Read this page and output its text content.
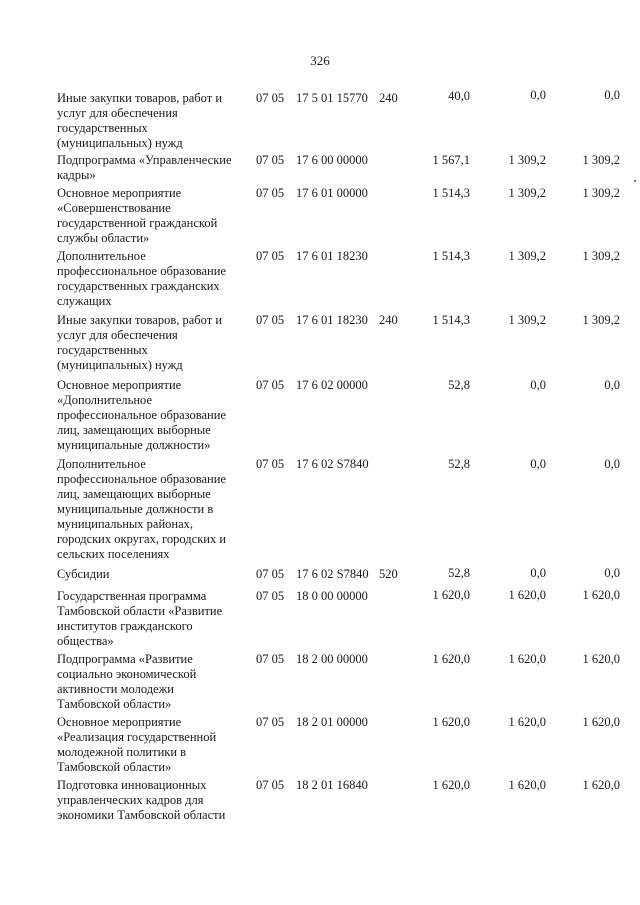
326
Иные закупки товаров, работ и
услуг для обеспечения
государственных
(муниципальных) нужд
07 05 17 5 01 15770 240	40,0	0,0	0,0
Подпрограмма «Управленческие
кадры»
07 05 17 6 00 00000	1 567,1	1 309,2	1 309,2
Основное мероприятие
«Совершенствование
государственной гражданской
службы области»
07 05 17 6 01 00000	1 514,3	1 309,2	1 309,2
Дополнительное
профессиональное образование
государственных гражданских
служащих
07 05 17 6 01 18230	1 514,3	1 309,2	1 309,2
Иные закупки товаров, работ и
услуг для обеспечения
государственных
(муниципальных) нужд
07 05 17 6 01 18230 240	1 514,3	1 309,2	1 309,2
Основное мероприятие
«Дополнительное
профессиональное образование
лиц, замещающих выборные
муниципальные должности»
07 05 17 6 02 00000	52,8	0,0	0,0
Дополнительное
профессиональное образование
лиц, замещающих выборные
муниципальные должности в
муниципальных районах,
городских округах, городских и
сельских поселениях
07 05 17 6 02 S7840	52,8	0,0	0,0
Субсидии	07 05 17 6 02 S7840 520	52,8	0,0	0,0
Государственная программа
Тамбовской области «Развитие
институтов гражданского
общества»
07 05 18 0 00 00000	1 620,0	1 620,0	1 620,0
Подпрограмма «Развитие
социально экономической
активности молодежи
Тамбовской области»
07 05 18 2 00 00000	1 620,0	1 620,0	1 620,0
Основное мероприятие
«Реализация государственной
молодежной политики в
Тамбовской области»
07 05 18 2 01 00000	1 620,0	1 620,0	1 620,0
Подготовка инновационных
управленческих кадров для
экономики Тамбовской области
07 05 18 2 01 16840	1 620,0	1 620,0	1 620,0
